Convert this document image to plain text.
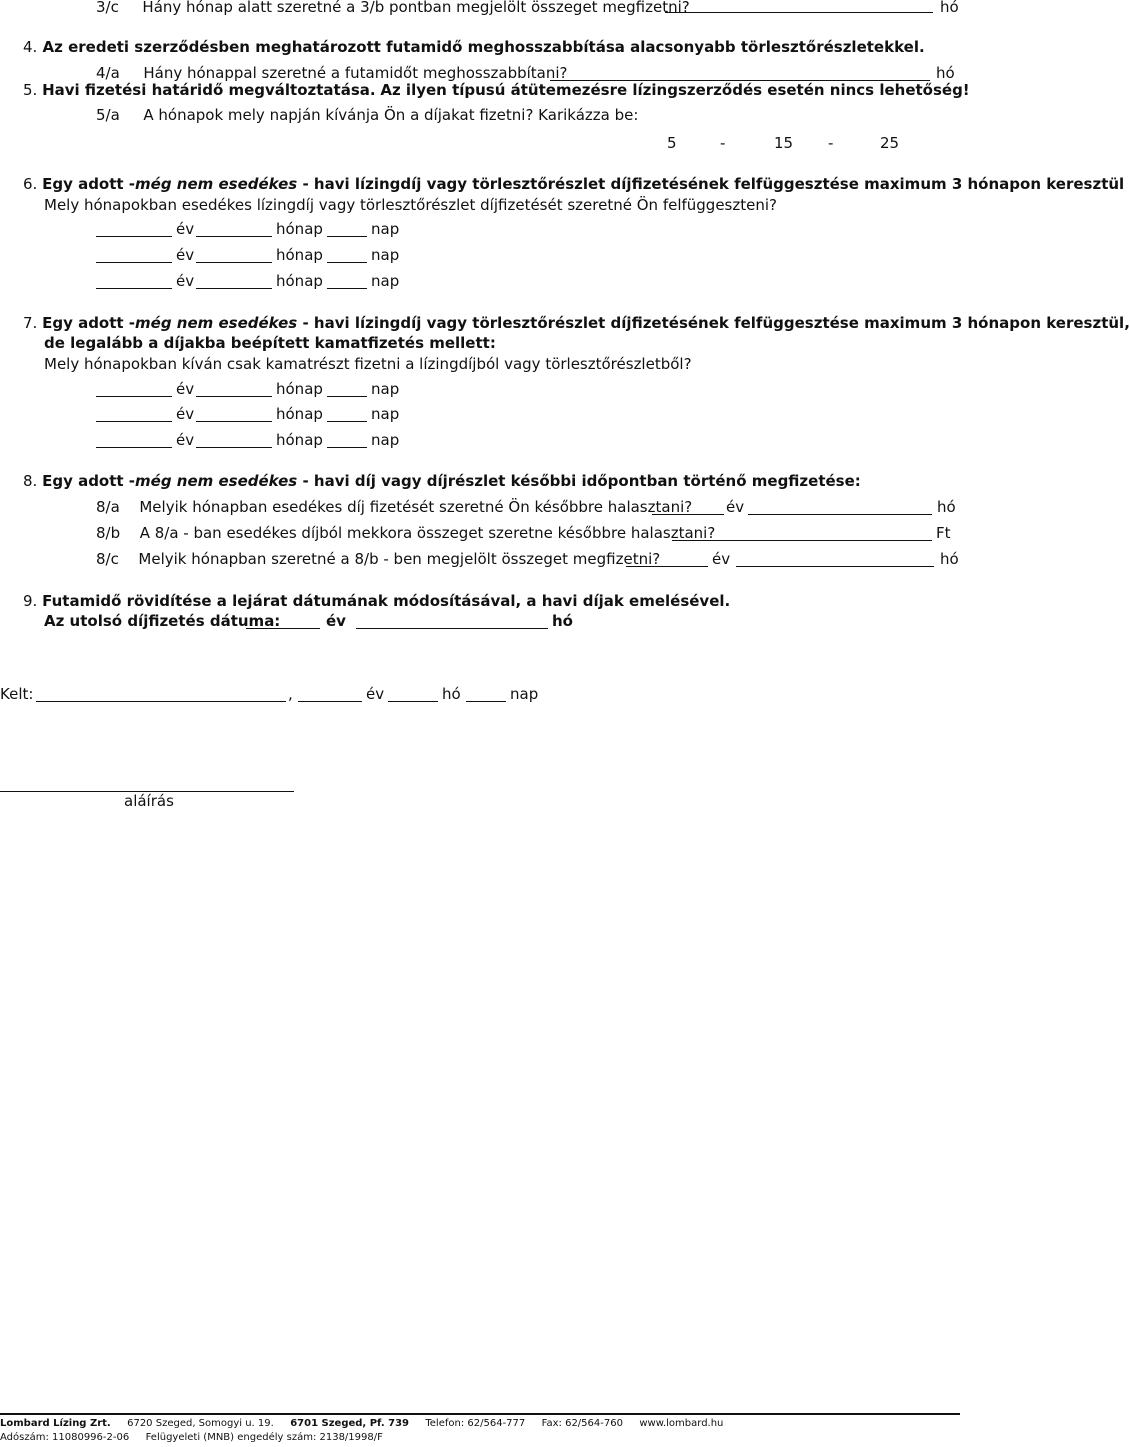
3/c Hány hónap alatt szeretné a 3/b pontban megjelölt összeget megfizetni?	hó
4. Az eredeti szerződésben meghatározott futamidő meghosszabbítása alacsonyabb törlesztőrészletekkel.
4/a Hány hónappal szeretné a futamidőt meghosszabbítani?	hó
5. Havi fizetési határidő megváltoztatása. Az ilyen típusú átütemezésre lízingszerződés esetén nincs lehetőség!
5/a A hónapok mely napján kívánja Ön a díjakat fizetni? Karikázza be:
5	-	15 -	25
6. Egy adott -még nem esedékes - havi lízingdíj vagy törlesztőrészlet díjfizetésének felfüggesztése maximum 3 hónapon keresztül
Mely hónapokban esedékes lízingdíj vagy törlesztőrészlet díjfizetését szeretné Ön felfüggeszteni?
év	hónap	nap
év	hónap	nap
év	hónap	nap
7. Egy adott -még nem esedékes - havi lízingdíj vagy törlesztőrészlet díjfizetésének felfüggesztése maximum 3 hónapon keresztül,
de legalább a díjakba beépített kamatfizetés mellett:
Mely hónapokban kíván csak kamatrészt fizetni a lízingdíjból vagy törlesztőrészletből?
év	hónap	nap
év	hónap	nap
év	hónap	nap
8. Egy adott -még nem esedékes - havi díj vagy díjrészlet későbbi időpontban történő megfizetése:
8/a Melyik hónapban esedékes díj fizetését szeretné Ön későbbre halasztani? év	hó
8/b A 8/a - ban esedékes díjból mekkora összeget szeretne későbbre halasztani?	Ft
8/c Melyik hónapban szeretné a 8/b - ben megjelölt összeget megfizetni?	év	hó
9. Futamidő rövidítése a lejárat dátumának módosításával, a havi díjak emelésével.
Az utolsó díjfizetés dátuma:	év	hó
Kelt:	,	év	hó	nap
aláírás
Lombard Lízing Zrt. 6720 Szeged, Somogyi u. 19. 6701 Szeged, Pf. 739 Telefon: 62/564-777 Fax: 62/564-760 www.lombard.hu
Adószám: 11080996-2-06 Felügyeleti (MNB) engedély szám: 2138/1998/F
